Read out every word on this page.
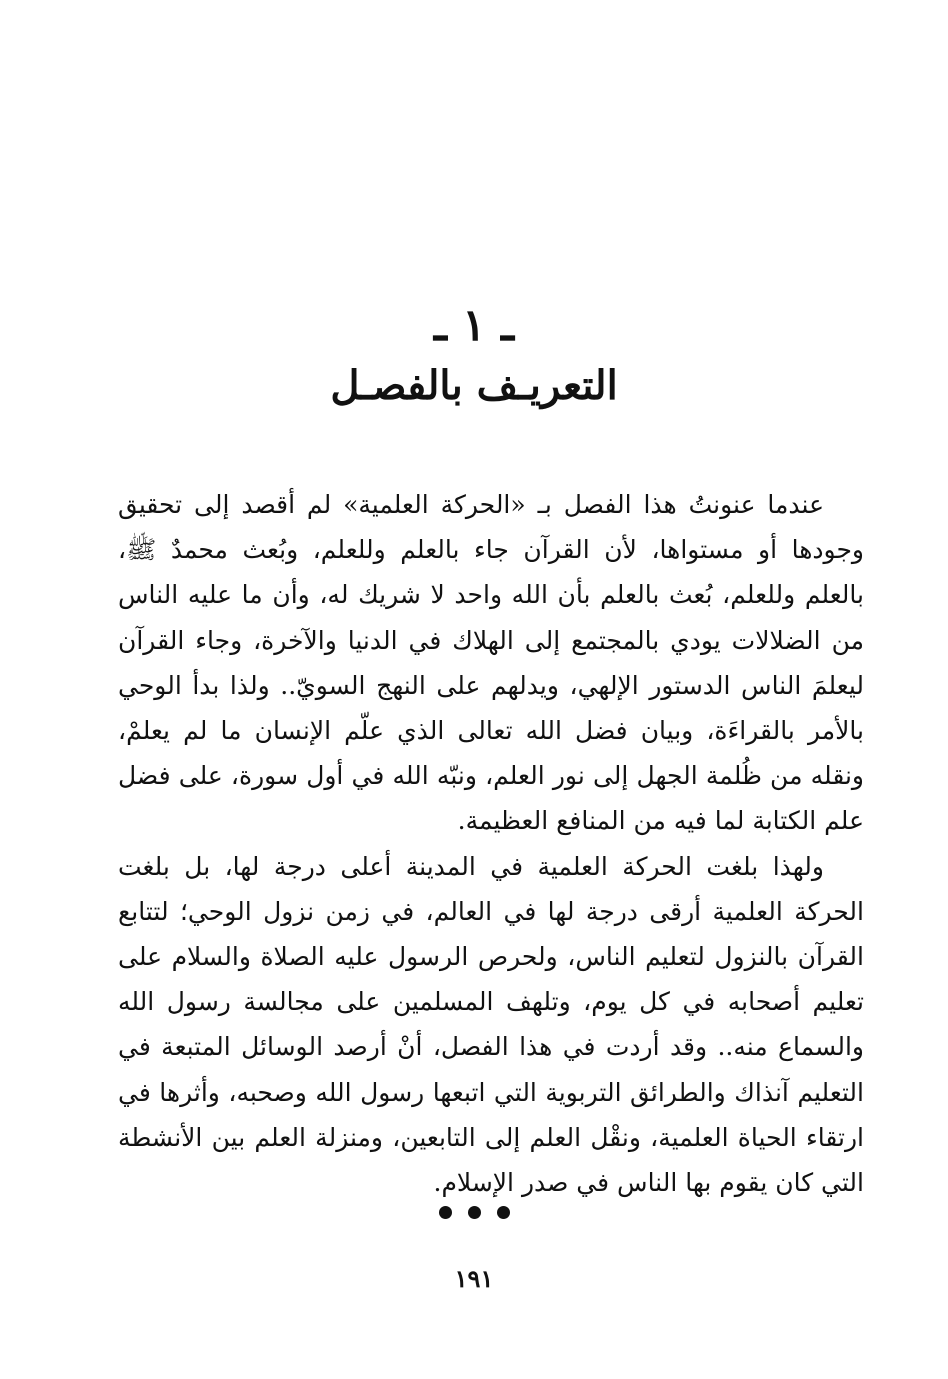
ـ ١ ـ
التعريـف بالفصـل

عندما عنونتُ هذا الفصل بـ «الحركة العلمية» لم أقصد إلى تحقيق وجودها أو مستواها، لأن القرآن جاء بالعلم وللعلم، وبُعث محمدٌ ﷺ، بالعلم وللعلم، بُعث بالعلم بأن الله واحد لا شريك له، وأن ما عليه الناس من الضلالات يودي بالمجتمع إلى الهلاك في الدنيا والآخرة، وجاء القرآن ليعلمَ الناس الدستور الإلهي، ويدلهم على النهج السويّ.. ولذا بدأ الوحي بالأمر بالقراءَة، وبيان فضل الله تعالى الذي علّم الإنسان ما لم يعلمْ، ونقله من ظُلمة الجهل إلى نور العلم، ونبّه الله في أول سورة، على فضل علم الكتابة لما فيه من المنافع العظيمة.

ولهذا بلغت الحركة العلمية في المدينة أعلى درجة لها، بل بلغت الحركة العلمية أرقى درجة لها في العالم، في زمن نزول الوحي؛ لتتابع القرآن بالنزول لتعليم الناس، ولحرص الرسول عليه الصلاة والسلام على تعليم أصحابه في كل يوم، وتلهف المسلمين على مجالسة رسول الله والسماع منه.. وقد أردت في هذا الفصل، أنْ أرصد الوسائل المتبعة في التعليم آنذاك والطرائق التربوية التي اتبعها رسول الله وصحبه، وأثرها في ارتقاء الحياة العلمية، ونقْل العلم إلى التابعين، ومنزلة العلم بين الأنشطة التي كان يقوم بها الناس في صدر الإسلام.

١٩١
